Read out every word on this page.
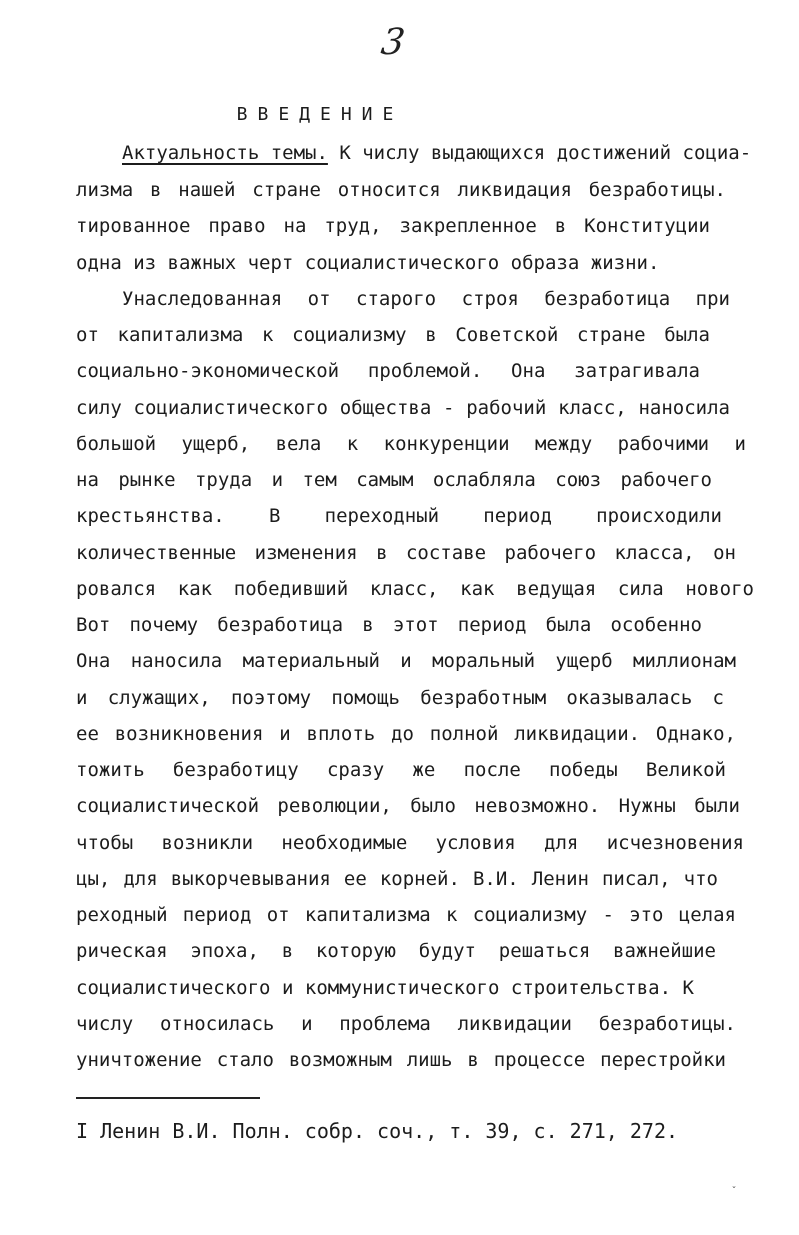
3
ВВЕДЕНИЕ
Актуальность темы. К числу выдающихся достижений социа-
лизма в нашей стране относится ликвидация безработицы.
тированное право на труд, закрепленное в Конституции
одна из важных черт социалистического образа жизни.
Унаследованная от старого строя безработица при
от капитализма к социализму в Советской стране была
социально-экономической проблемой. Она затрагивала
силу социалистического общества - рабочий класс, наносила
большой ущерб, вела к конкуренции между рабочими и
на рынке труда и тем самым ослабляла союз рабочего
крестьянства. В переходный период происходили
количественные изменения в составе рабочего класса, он
ровался как победивший класс, как ведущая сила нового
Вот почему безработица в этот период была особенно
Она наносила материальный и моральный ущерб миллионам
и служащих, поэтому помощь безработным оказывалась с
ее возникновения и вплоть до полной ликвидации. Однако,
тожить безработицу сразу же после победы Великой
социалистической революции, было невозможно. Нужны были
чтобы возникли необходимые условия для исчезновения
цы, для выкорчевывания ее корней. В.И. Ленин писал, что
реходный период от капитализма к социализму - это целая
рическая эпоха, в которую будут решаться важнейшие
социалистического и коммунистического строительства. К
числу относилась и проблема ликвидации безработицы.
уничтожение стало возможным лишь в процессе перестройки
I Ленин В.И. Полн. собр. соч., т. 39, с. 271, 272.
ˇ
